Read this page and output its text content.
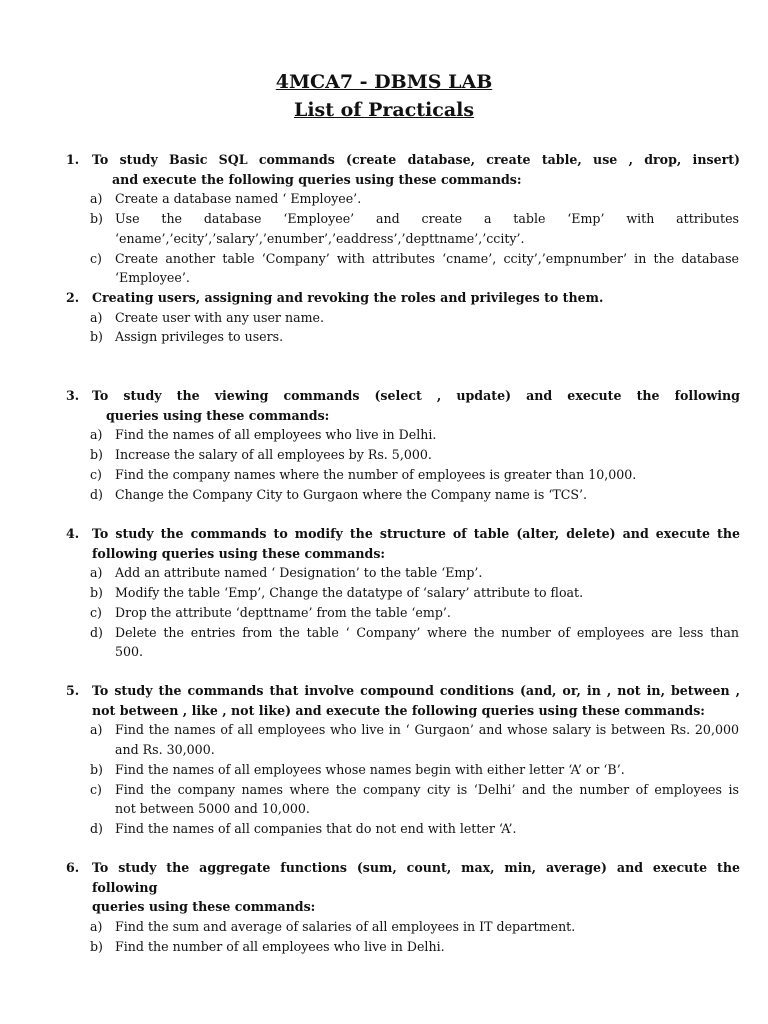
4MCA7 - DBMS LAB
List of Practicals
1. To study Basic SQL commands (create database, create table, use , drop, insert)
and execute the following queries using these commands:
a) Create a database named ‘ Employee’.
b) Use the database ‘Employee’ and create a table ‘Emp’ with attributes
‘ename’,’ecity’,’salary’,’enumber’,’eaddress’,’depttname’,’ccity’.
c) Create another table ‘Company’ with attributes ‘cname’, ccity’,’empnumber’ in the database
‘Employee’.
2. Creating users, assigning and revoking the roles and privileges to them.
a) Create user with any user name.
b) Assign privileges to users.
3. To study the viewing commands (select , update) and execute the following
queries using these commands:
a) Find the names of all employees who live in Delhi.
b) Increase the salary of all employees by Rs. 5,000.
c) Find the company names where the number of employees is greater than 10,000.
d) Change the Company City to Gurgaon where the Company name is ‘TCS’.
4. To study the commands to modify the structure of table (alter, delete) and execute the
following queries using these commands:
a) Add an attribute named ‘ Designation’ to the table ‘Emp’.
b) Modify the table ‘Emp’, Change the datatype of ‘salary’ attribute to float.
c) Drop the attribute ‘depttname’ from the table ‘emp’.
d) Delete the entries from the table ‘ Company’ where the number of employees are less than
500.
5. To study the commands that involve compound conditions (and, or, in , not in, between ,
not between , like , not like) and execute the following queries using these commands:
a) Find the names of all employees who live in ‘ Gurgaon’ and whose salary is between Rs. 20,000
and Rs. 30,000.
b) Find the names of all employees whose names begin with either letter ‘A’ or ‘B’.
c) Find the company names where the company city is ‘Delhi’ and the number of employees is
not between 5000 and 10,000.
d) Find the names of all companies that do not end with letter ‘A’.
6. To study the aggregate functions (sum, count, max, min, average) and execute the following
queries using these commands:
a) Find the sum and average of salaries of all employees in IT department.
b) Find the number of all employees who live in Delhi.
